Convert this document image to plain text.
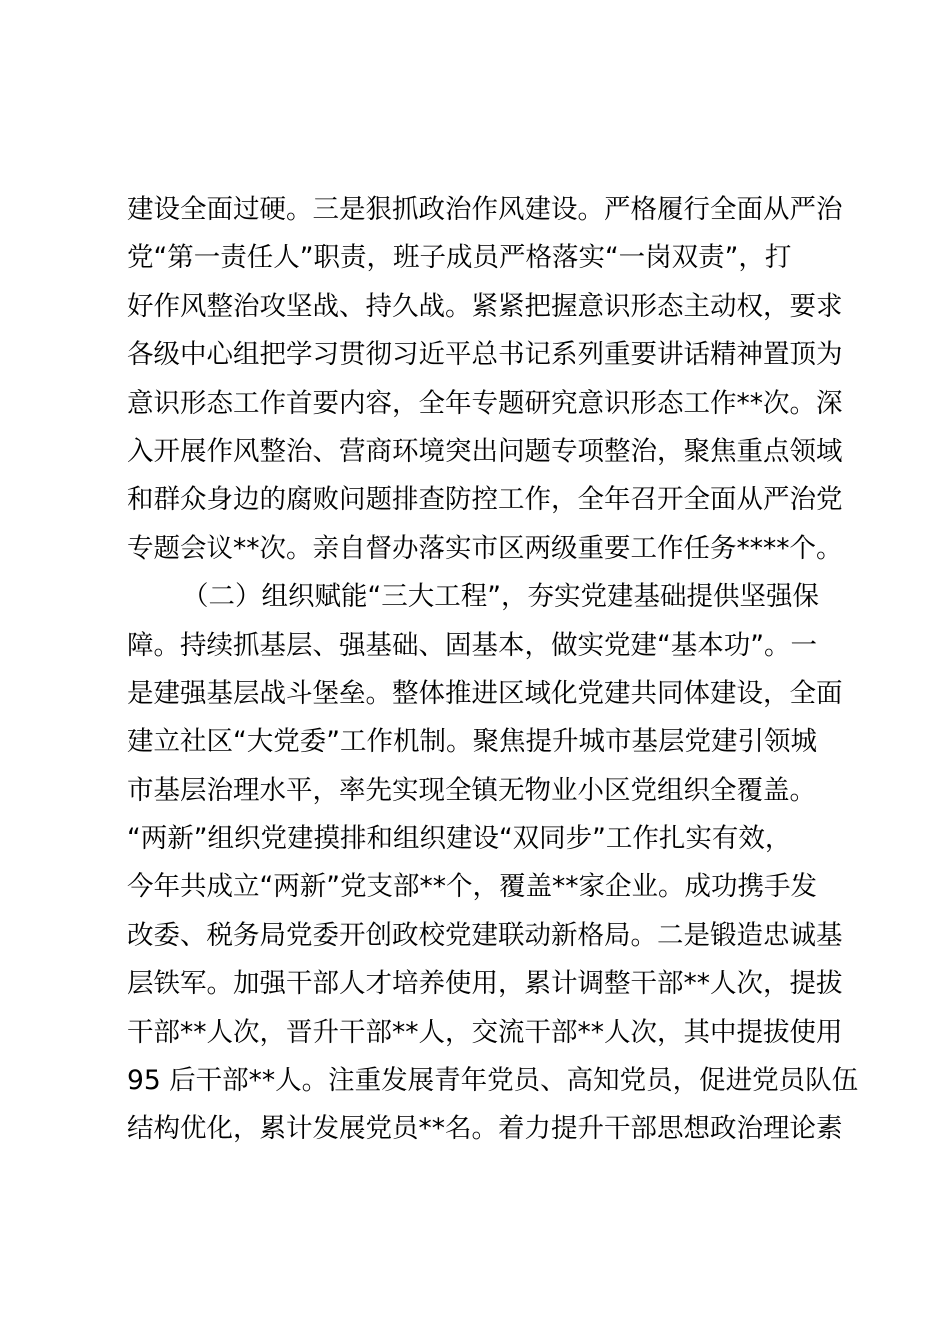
建设全面过硬。三是狠抓政治作风建设。严格履行全面从严治

党“第一责任人”职责，班子成员严格落实“一岗双责”，打

好作风整治攻坚战、持久战。紧紧把握意识形态主动权，要求

各级中心组把学习贯彻习近平总书记系列重要讲话精神置顶为

意识形态工作首要内容，全年专题研究意识形态工作**次。深

入开展作风整治、营商环境突出问题专项整治，聚焦重点领域

和群众身边的腐败问题排查防控工作，全年召开全面从严治党

专题会议**次。亲自督办落实市区两级重要工作任务****个。

（二）组织赋能“三大工程”，夯实党建基础提供坚强保

障。持续抓基层、强基础、固基本，做实党建“基本功”。一

是建强基层战斗堡垒。整体推进区域化党建共同体建设，全面

建立社区“大党委”工作机制。聚焦提升城市基层党建引领城

市基层治理水平，率先实现全镇无物业小区党组织全覆盖。

“两新”组织党建摸排和组织建设“双同步”工作扎实有效，

今年共成立“两新”党支部**个，覆盖**家企业。成功携手发

改委、税务局党委开创政校党建联动新格局。二是锻造忠诚基

层铁军。加强干部人才培养使用，累计调整干部**人次，提拔

干部**人次，晋升干部**人，交流干部**人次，其中提拔使用

95 后干部**人。注重发展青年党员、高知党员，促进党员队伍

结构优化，累计发展党员**名。着力提升干部思想政治理论素
